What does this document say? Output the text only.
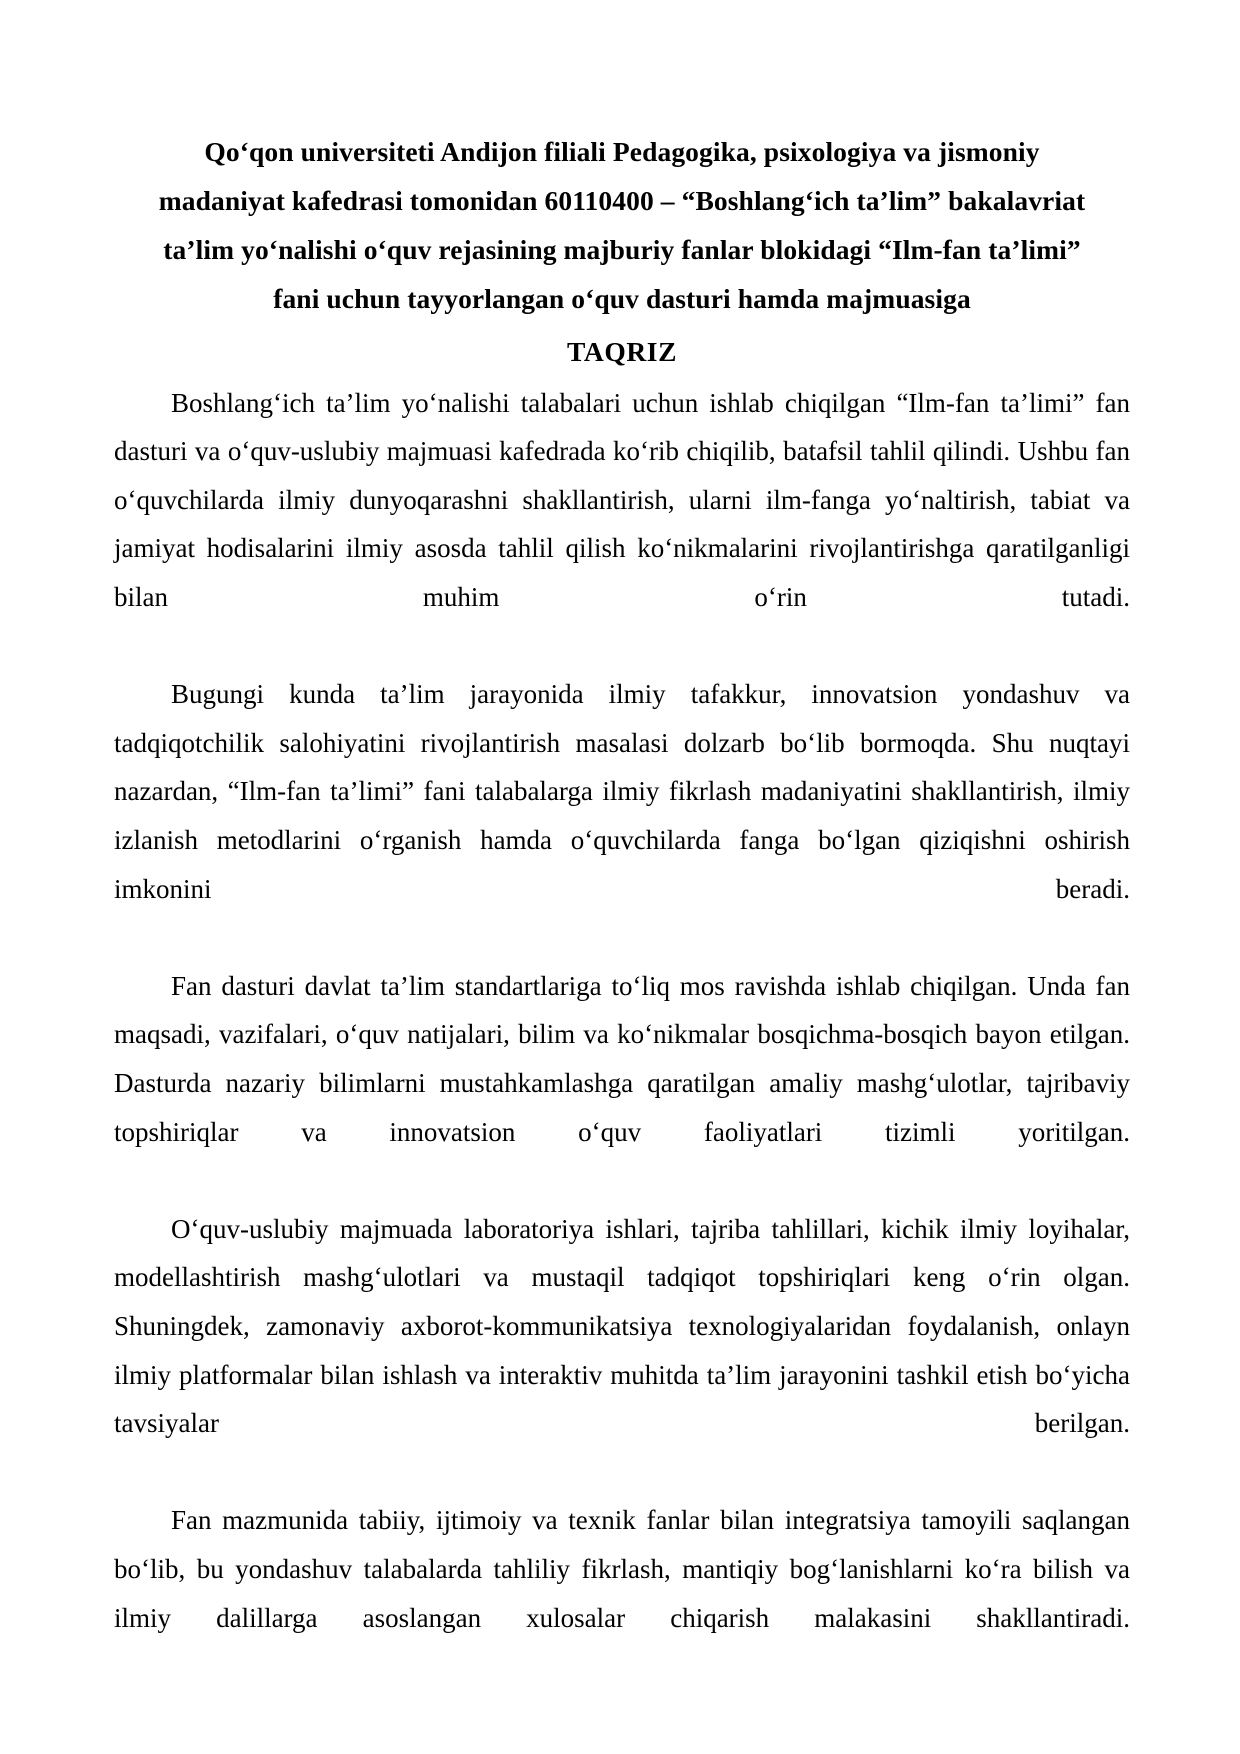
Qo‘qon universiteti Andijon filiali Pedagogika, psixologiya va jismoniy
madaniyat kafedrasi tomonidan 60110400 – “Boshlang‘ich ta’lim” bakalavriat
ta’lim yo‘nalishi o‘quv rejasining majburiy fanlar blokidagi “Ilm-fan ta’limi”
fani uchun tayyorlangan o‘quv dasturi hamda majmuasiga
TAQRIZ

Boshlang‘ich ta’lim yo‘nalishi talabalari uchun ishlab chiqilgan “Ilm-fan ta’limi” fan dasturi va o‘quv-uslubiy majmuasi kafedrada ko‘rib chiqilib, batafsil tahlil qilindi. Ushbu fan o‘quvchilarda ilmiy dunyoqarashni shakllantirish, ularni ilm-fanga yo‘naltirish, tabiat va jamiyat hodisalarini ilmiy asosda tahlil qilish ko‘nikmalarini rivojlantirishga qaratilganligi bilan muhim o‘rin tutadi.

Bugungi kunda ta’lim jarayonida ilmiy tafakkur, innovatsion yondashuv va tadqiqotchilik salohiyatini rivojlantirish masalasi dolzarb bo‘lib bormoqda. Shu nuqtayi nazardan, “Ilm-fan ta’limi” fani talabalarga ilmiy fikrlash madaniyatini shakllantirish, ilmiy izlanish metodlarini o‘rganish hamda o‘quvchilarda fanga bo‘lgan qiziqishni oshirish imkonini beradi.

Fan dasturi davlat ta’lim standartlariga to‘liq mos ravishda ishlab chiqilgan. Unda fan maqsadi, vazifalari, o‘quv natijalari, bilim va ko‘nikmalar bosqichma-bosqich bayon etilgan. Dasturda nazariy bilimlarni mustahkamlashga qaratilgan amaliy mashg‘ulotlar, tajribaviy topshiriqlar va innovatsion o‘quv faoliyatlari tizimli yoritilgan.

O‘quv-uslubiy majmuada laboratoriya ishlari, tajriba tahlillari, kichik ilmiy loyihalar, modellashtirish mashg‘ulotlari va mustaqil tadqiqot topshiriqlari keng o‘rin olgan. Shuningdek, zamonaviy axborot-kommunikatsiya texnologiyalaridan foydalanish, onlayn ilmiy platformalar bilan ishlash va interaktiv muhitda ta’lim jarayonini tashkil etish bo‘yicha tavsiyalar berilgan.

Fan mazmunida tabiiy, ijtimoiy va texnik fanlar bilan integratsiya tamoyili saqlangan bo‘lib, bu yondashuv talabalarda tahliliy fikrlash, mantiqiy bog‘lanishlarni ko‘ra bilish va ilmiy dalillarga asoslangan xulosalar chiqarish malakasini shakllantiradi.
